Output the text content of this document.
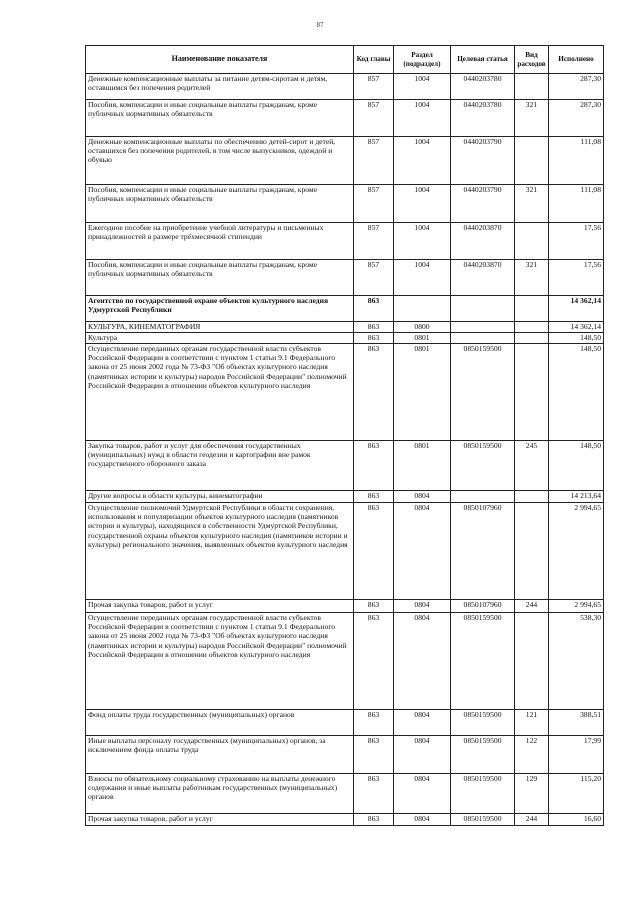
87
Наименование показателя	Код главы	Раздел (подраздел)	Целевая статья	Вид расходов	Исполнено
Денежные компенсационные выплаты за питание детям-сиротам и детям, оставшимся без попечения родителей	857	1004	0440203780		287,30
Пособия, компенсации и иные социальные выплаты гражданам, кроме публичных нормативных обязательств	857	1004	0440203780	321	287,30
Денежные компенсационные выплаты по обеспечению детей-сирот и детей, оставшихся без попечения родителей, в том числе выпускников, одеждой и обувью	857	1004	0440203790		111,08
Пособия, компенсации и иные социальные выплаты гражданам, кроме публичных нормативных обязательств	857	1004	0440203790	321	111,08
Ежегодное пособие на приобретение учебной литературы и письменных принадлежностей в размере трёхмесячной стипендии	857	1004	0440203870		17,56
Пособия, компенсации и иные социальные выплаты гражданам, кроме публичных нормативных обязательств	857	1004	0440203870	321	17,56
Агентство по государственной охране объектов культурного наследия Удмуртской Республики	863				14 362,14
КУЛЬТУРА, КИНЕМАТОГРАФИЯ	863	0800			14 362,14
Культура	863	0801			148,50
Осуществление переданных органам государственной власти субъектов Российской Федерации в соответствии с пунктом 1 статьи 9.1 Федерального закона от 25 июня 2002 года № 73-ФЗ "Об объектах культурного наследия (памятниках истории и культуры) народов Российской Федерации" полномочий Российской Федерации в отношении объектов культурного наследия	863	0801	0850159500		148,50
Закупка товаров, работ и услуг для обеспечения государственных (муниципальных) нужд в области геодезии и картографии вне рамок государственного оборонного заказа	863	0801	0850159500	245	148,50
Другие вопросы в области культуры, кинематографии	863	0804			14 213,64
Осуществление полномочий Удмуртской Республики в области сохранения, использования и популяризации объектов культурного наследия (памятников истории и культуры), находящихся в собственности Удмуртской Республики, государственной охраны объектов культурного наследия (памятников истории и культуры) регионального значения, выявленных объектов культурного наследия	863	0804	0850107960		2 994,65
Прочая закупка товаров, работ и услуг	863	0804	0850107960	244	2 994,65
Осуществление переданных органам государственной власти субъектов Российской Федерации в соответствии с пунктом 1 статьи 9.1 Федерального закона от 25 июня 2002 года № 73-ФЗ "Об объектах культурного наследия (памятниках истории и культуры) народов Российской Федерации" полномочий Российской Федерации в отношении объектов культурного наследия	863	0804	0850159500		538,30
Фонд оплаты труда государственных (муниципальных) органов	863	0804	0850159500	121	388,51
Иные выплаты персоналу государственных (муниципальных) органов, за исключением фонда оплаты труда	863	0804	0850159500	122	17,99
Взносы по обязательному социальному страхованию на выплаты денежного содержания и иные выплаты работникам государственных (муниципальных) органов	863	0804	0850159500	129	115,20
Прочая закупка товаров, работ и услуг	863	0804	0850159500	244	16,60
